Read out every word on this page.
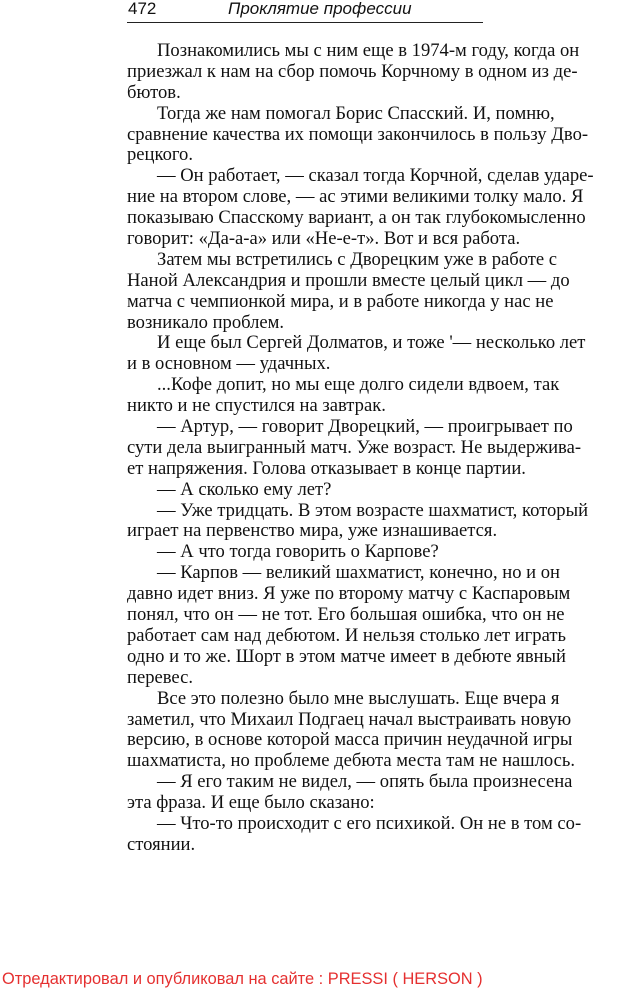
472	Проклятие профессии
Познакомились мы с ним еще в 1974-м году, когда он
приезжал к нам на сбор помочь Корчному в одном из де-
бютов.
Тогда же нам помогал Борис Спасский. И, помню,
сравнение качества их помощи закончилось в пользу Дво-
рецкого.
— Он работает, — сказал тогда Корчной, сделав ударе-
ние на втором слове, — ас этими великими толку мало. Я
показываю Спасскому вариант, а он так глубокомысленно
говорит: «Да-а-а» или «Не-е-т». Вот и вся работа.
Затем мы встретились с Дворецким уже в работе с
Наной Александрия и прошли вместе целый цикл — до
матча с чемпионкой мира, и в работе никогда у нас не
возникало проблем.
И еще был Сергей Долматов, и тоже '— несколько лет
и в основном — удачных.
...Кофе допит, но мы еще долго сидели вдвоем, так
никто и не спустился на завтрак.
— Артур, — говорит Дворецкий, — проигрывает по
сути дела выигранный матч. Уже возраст. Не выдержива-
ет напряжения. Голова отказывает в конце партии.
— А сколько ему лет?
— Уже тридцать. В этом возрасте шахматист, который
играет на первенство мира, уже изнашивается.
— А что тогда говорить о Карпове?
— Карпов — великий шахматист, конечно, но и он
давно идет вниз. Я уже по второму матчу с Каспаровым
понял, что он — не тот. Его большая ошибка, что он не
работает сам над дебютом. И нельзя столько лет играть
одно и то же. Шорт в этом матче имеет в дебюте явный
перевес.
Все это полезно было мне выслушать. Еще вчера я
заметил, что Михаил Подгаец начал выстраивать новую
версию, в основе которой масса причин неудачной игры
шахматиста, но проблеме дебюта места там не нашлось.
— Я его таким не видел, — опять была произнесена
эта фраза. И еще было сказано:
— Что-то происходит с его психикой. Он не в том со-
стоянии.
Отредактировал и опубликовал на сайте : PRESSI ( HERSON )
